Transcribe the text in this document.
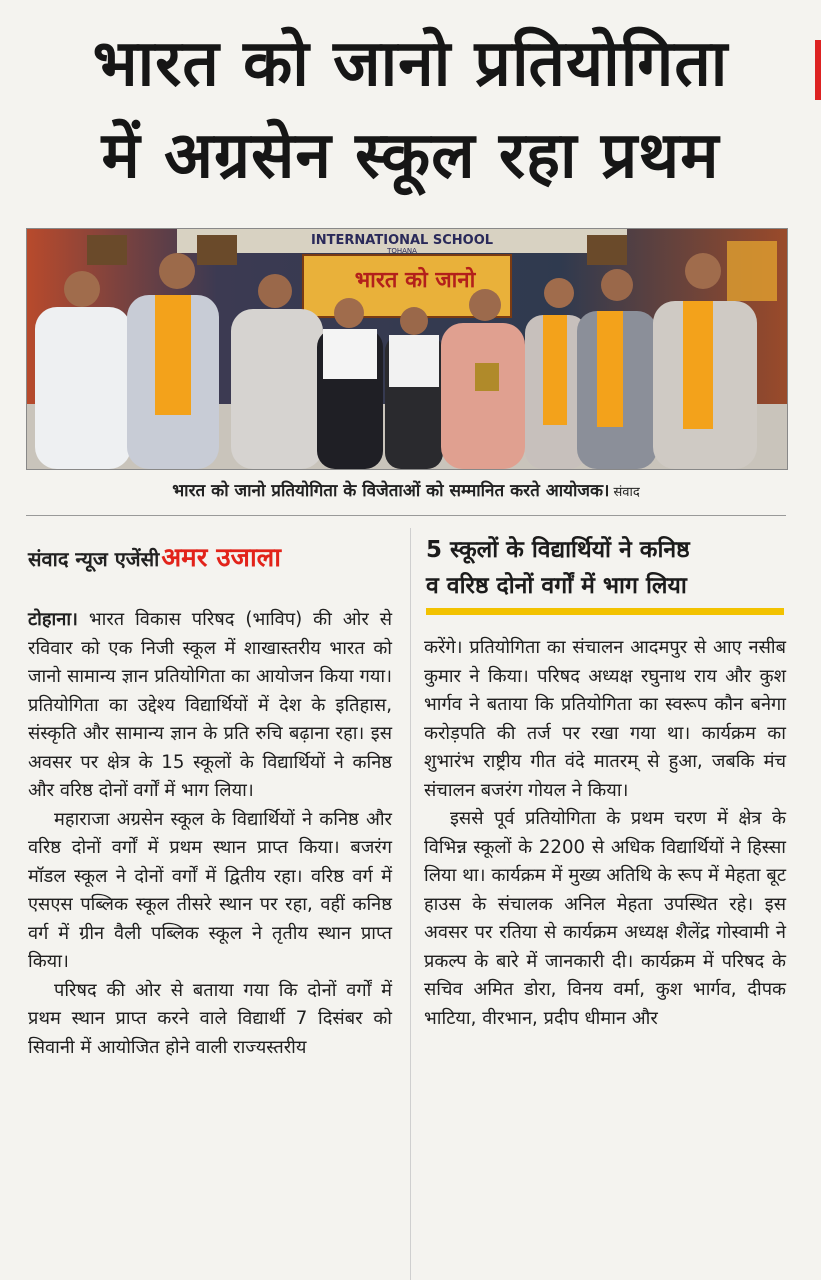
भारत को जानो प्रतियोगिता
में अग्रसेन स्कूल रहा प्रथम
INTERNATIONAL SCHOOL
TOHANA
भारत को जानो
भारत को जानो प्रतियोगिता के विजेताओं को सम्मानित करते आयोजक। संवाद
संवाद न्यूज एजेंसीअमर उजाला	5 स्कूलों के विद्यार्थियों ने कनिष्ठ
व वरिष्ठ दोनों वर्गों में भाग लिया

टोहाना। भारत विकास परिषद (भाविप) की ओर से रविवार को एक निजी स्कूल में शाखास्तरीय भारत को जानो सामान्य ज्ञान प्रतियोगिता का आयोजन किया गया। प्रतियोगिता का उद्देश्य विद्यार्थियों में देश के इतिहास, संस्कृति और सामान्य ज्ञान के प्रति रुचि बढ़ाना रहा। इस अवसर पर क्षेत्र के 15 स्कूलों के विद्यार्थियों ने कनिष्ठ और वरिष्ठ दोनों वर्गों में भाग लिया।

महाराजा अग्रसेन स्कूल के विद्यार्थियों ने कनिष्ठ और वरिष्ठ दोनों वर्गों में प्रथम स्थान प्राप्त किया। बजरंग मॉडल स्कूल ने दोनों वर्गों में द्वितीय रहा। वरिष्ठ वर्ग में एसएस पब्लिक स्कूल तीसरे स्थान पर रहा, वहीं कनिष्ठ वर्ग में ग्रीन वैली पब्लिक स्कूल ने तृतीय स्थान प्राप्त किया।

परिषद की ओर से बताया गया कि दोनों वर्गों में प्रथम स्थान प्राप्त करने वाले विद्यार्थी 7 दिसंबर को सिवानी में आयोजित होने वाली राज्यस्तरीय

करेंगे। प्रतियोगिता का संचालन आदमपुर से आए नसीब कुमार ने किया। परिषद अध्यक्ष रघुनाथ राय और कुश भार्गव ने बताया कि प्रतियोगिता का स्वरूप कौन बनेगा करोड़पति की तर्ज पर रखा गया था। कार्यक्रम का शुभारंभ राष्ट्रीय गीत वंदे मातरम् से हुआ, जबकि मंच संचालन बजरंग गोयल ने किया।

इससे पूर्व प्रतियोगिता के प्रथम चरण में क्षेत्र के विभिन्न स्कूलों के 2200 से अधिक विद्यार्थियों ने हिस्सा लिया था। कार्यक्रम में मुख्य अतिथि के रूप में मेहता बूट हाउस के संचालक अनिल मेहता उपस्थित रहे। इस अवसर पर रतिया से कार्यक्रम अध्यक्ष शैलेंद्र गोस्वामी ने प्रकल्प के बारे में जानकारी दी। कार्यक्रम में परिषद के सचिव अमित डोरा, विनय वर्मा, कुश भार्गव, दीपक भाटिया, वीरभान, प्रदीप धीमान और
